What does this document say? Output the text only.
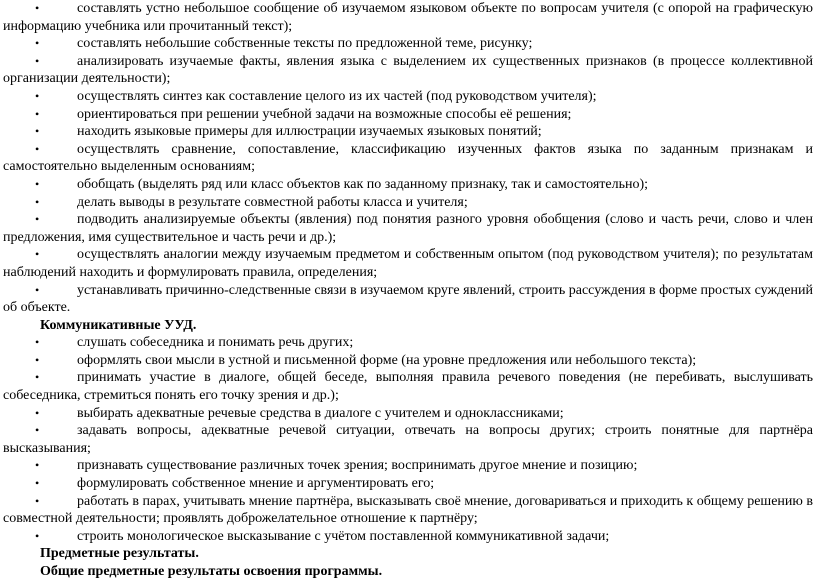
•	составлять устно небольшое сообщение об изучаемом языковом объекте по вопросам учителя (с опорой на графическую информацию учебника или прочитанный текст);
•	составлять небольшие собственные тексты по предложенной теме, рисунку;
•	анализировать изучаемые факты, явления языка с выделением их существенных признаков (в процессе коллективной организации деятельности);
•	осуществлять синтез как составление целого из их частей (под руководством учителя);
•	ориентироваться при решении учебной задачи на возможные способы её решения;
•	находить языковые примеры для иллюстрации изучаемых языковых понятий;
•	осуществлять сравнение, сопоставление, классификацию изученных фактов языка по заданным признакам и самостоятельно выделенным основаниям;
•	обобщать (выделять ряд или класс объектов как по заданному признаку, так и самостоятельно);
•	делать выводы в результате совместной работы класса и учителя;
•	подводить анализируемые объекты (явления) под понятия разного уровня обобщения (слово и часть речи, слово и член предложения, имя существительное и часть речи и др.);
•	осуществлять аналогии между изучаемым предметом и собственным опытом (под руководством учителя); по результатам наблюдений находить и формулировать правила, определения;
•	устанавливать причинно-следственные связи в изучаемом круге явлений, строить рассуждения в форме простых суждений об объекте.
Коммуникативные УУД.
•	слушать собеседника и понимать речь других;
•	оформлять свои мысли в устной и письменной форме (на уровне предложения или небольшого текста);
•	принимать участие в диалоге, общей беседе, выполняя правила речевого поведения (не перебивать, выслушивать собеседника, стремиться понять его точку зрения и др.);
•	выбирать адекватные речевые средства в диалоге с учителем и одноклассниками;
•	задавать вопросы, адекватные речевой ситуации, отвечать на вопросы других; строить понятные для партнёра высказывания;
•	признавать существование различных точек зрения; воспринимать другое мнение и позицию;
•	формулировать собственное мнение и аргументировать его;
•	работать в парах, учитывать мнение партнёра, высказывать своё мнение, договариваться и приходить к общему решению в совместной деятельности; проявлять доброжелательное отношение к партнёру;
•	строить монологическое высказывание с учётом поставленной коммуникативной задачи;
Предметные результаты.
Общие предметные результаты освоения программы.
